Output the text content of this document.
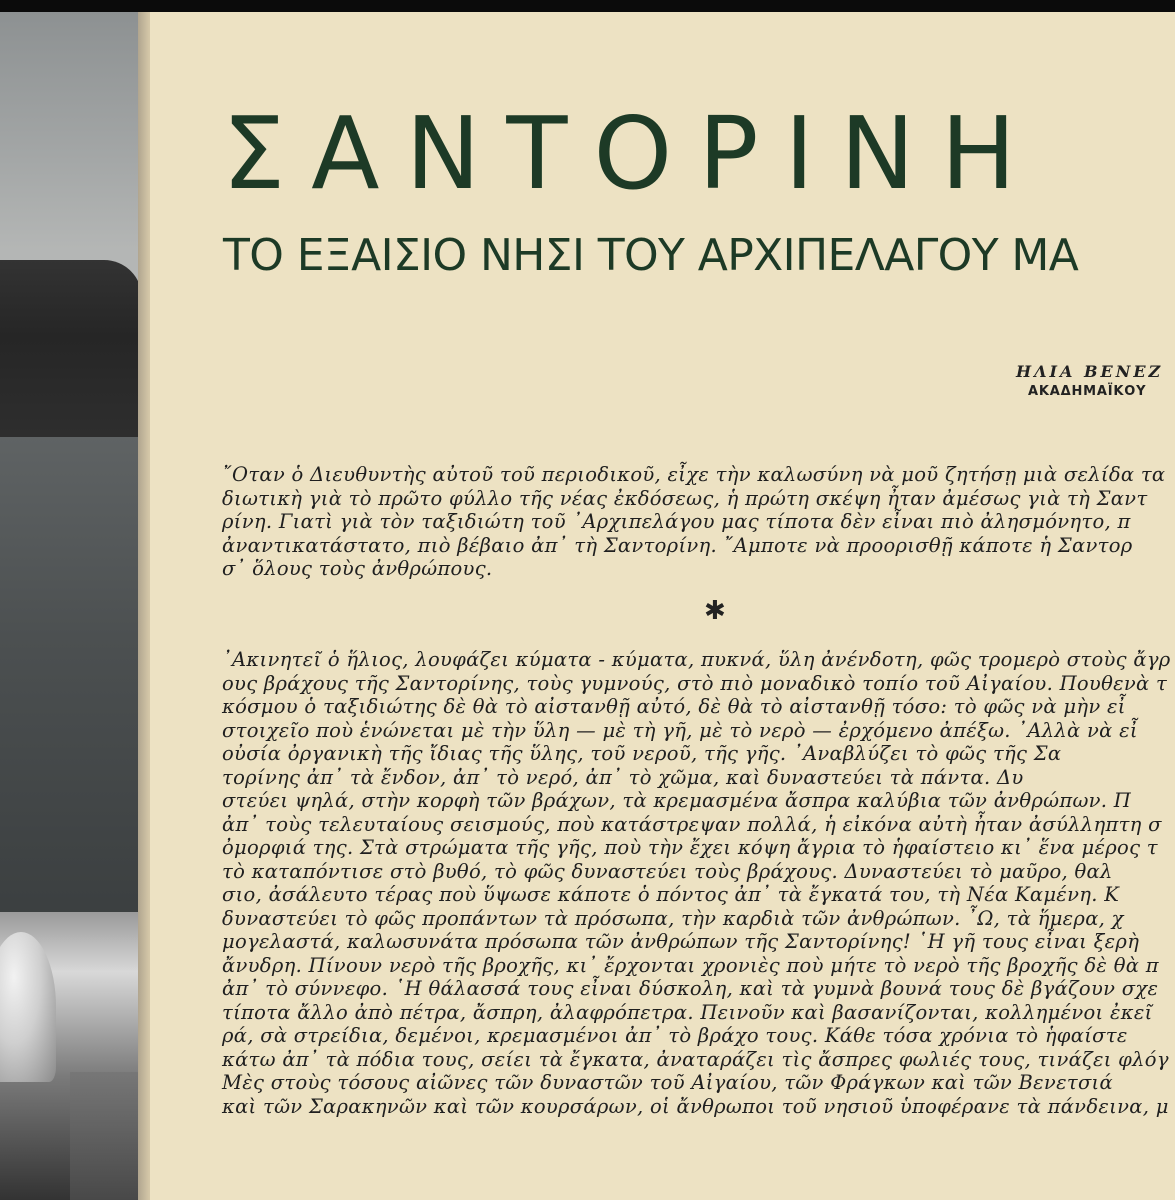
ΣΑΝΤΟΡΙΝΗ
ΤΟ ΕΞΑΙΣΙΟ ΝΗΣΙ ΤΟΥ ΑΡΧΙΠΕΛΑΓΟΥ ΜΑ
ΗΛΙΑ ΒΕΝΕΖ
ΑΚΑΔΗΜΑΪΚΟΥ
῎Οταν ὁ Διευθυντὴς αὐτοῦ τοῦ περιοδικοῦ, εἶχε τὴν καλωσύνη νὰ μοῦ ζητήσῃ μιὰ σελίδα τα
διωτικὴ γιὰ τὸ πρῶτο φύλλο τῆς νέας ἐκδόσεως, ἡ πρώτη σκέψη ἦταν ἀμέσως γιὰ τὴ Σαντ
ρίνη. Γιατὶ γιὰ τὸν ταξιδιώτη τοῦ ᾿Αρχιπελάγου μας τίποτα δὲν εἶναι πιὸ ἀλησμόνητο, π
ἀναντικατάστατο, πιὸ βέβαιο ἀπ᾿ τὴ Σαντορίνη. ῎Αμποτε νὰ προορισθῇ κάποτε ἡ Σαντορ
σ᾿ ὅλους τοὺς ἀνθρώπους.
✱
᾿Ακινητεῖ ὁ ἥλιος, λουφάζει κύματα - κύματα, πυκνά, ὕλη ἀνένδοτη, φῶς τρομερὸ στοὺς ἄγρ
ους βράχους τῆς Σαντορίνης, τοὺς γυμνούς, στὸ πιὸ μοναδικὸ τοπίο τοῦ Αἰγαίου. Πουθενὰ τ
κόσμου ὁ ταξιδιώτης δὲ θὰ τὸ αἰστανθῇ αὐτό, δὲ θὰ τὸ αἰστανθῇ τόσο: τὸ φῶς νὰ μὴν εἶ
στοιχεῖο ποὺ ἑνώνεται μὲ τὴν ὕλη — μὲ τὴ γῆ, μὲ τὸ νερὸ — ἐρχόμενο ἀπέξω. ᾿Αλλὰ νὰ εἶ
οὐσία ὀργανικὴ τῆς ἴδιας τῆς ὕλης, τοῦ νεροῦ, τῆς γῆς. ᾿Αναβλύζει τὸ φῶς τῆς Σα
τορίνης ἀπ᾿ τὰ ἔνδον, ἀπ᾿ τὸ νερό, ἀπ᾿ τὸ χῶμα, καὶ δυναστεύει τὰ πάντα. Δυ
στεύει ψηλά, στὴν κορφὴ τῶν βράχων, τὰ κρεμασμένα ἄσπρα καλύβια τῶν ἀνθρώπων. Π
ἀπ᾿ τοὺς τελευταίους σεισμούς, ποὺ κατάστρεψαν πολλά, ἡ εἰκόνα αὐτὴ ἦταν ἀσύλληπτη σ
ὀμορφιά της. Στὰ στρώματα τῆς γῆς, ποὺ τὴν ἔχει κόψη ἄγρια τὸ ἡφαίστειο κι᾿ ἕνα μέρος τ
τὸ καταπόντισε στὸ βυθό, τὸ φῶς δυναστεύει τοὺς βράχους. Δυναστεύει τὸ μαῦρο, θαλ
σιο, ἀσάλευτο τέρας ποὺ ὕψωσε κάποτε ὁ πόντος ἀπ᾿ τὰ ἔγκατά του, τὴ Νέα Καμένη. Κ
δυναστεύει τὸ φῶς προπάντων τὰ πρόσωπα, τὴν καρδιὰ τῶν ἀνθρώπων. ῏Ω, τὰ ἥμερα, χ
μογελαστά, καλωσυνάτα πρόσωπα τῶν ἀνθρώπων τῆς Σαντορίνης! ῾Η γῆ τους εἶναι ξερὴ
ἄνυδρη. Πίνουν νερὸ τῆς βροχῆς, κι᾿ ἔρχονται χρονιὲς ποὺ μήτε τὸ νερὸ τῆς βροχῆς δὲ θὰ π
ἀπ᾿ τὸ σύννεφο. ῾Η θάλασσά τους εἶναι δύσκολη, καὶ τὰ γυμνὰ βουνά τους δὲ βγάζουν σχε
τίποτα ἄλλο ἀπὸ πέτρα, ἄσπρη, ἀλαφρόπετρα. Πεινοῦν καὶ βασανίζονται, κολλημένοι ἐκεῖ
ρά, σὰ στρείδια, δεμένοι, κρεμασμένοι ἀπ᾿ τὸ βράχο τους. Κάθε τόσα χρόνια τὸ ἡφαίστε
κάτω ἀπ᾿ τὰ πόδια τους, σείει τὰ ἔγκατα, ἀναταράζει τὶς ἄσπρες φωλιές τους, τινάζει φλόγ
Μὲς στοὺς τόσους αἰῶνες τῶν δυναστῶν τοῦ Αἰγαίου, τῶν Φράγκων καὶ τῶν Βενετσιά
καὶ τῶν Σαρακηνῶν καὶ τῶν κουρσάρων, οἱ ἄνθρωποι τοῦ νησιοῦ ὑποφέρανε τὰ πάνδεινα, μ
